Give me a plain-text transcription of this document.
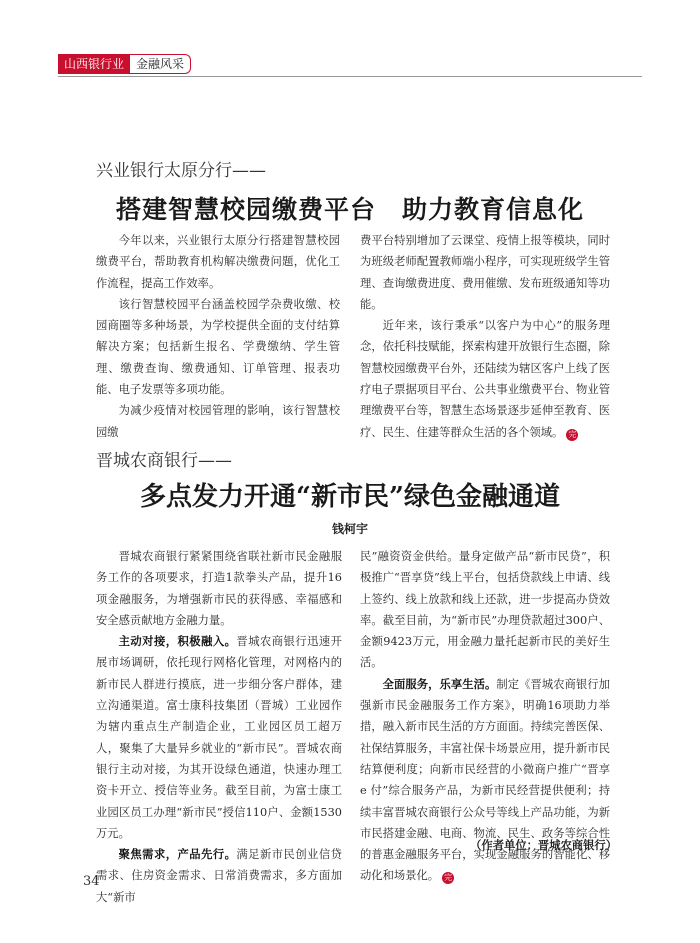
山西银行业	金融风采
兴业银行太原分行——
搭建智慧校园缴费平台　助力教育信息化

今年以来，兴业银行太原分行搭建智慧校园缴费平台，帮助教育机构解决缴费问题，优化工作流程，提高工作效率。

该行智慧校园平台涵盖校园学杂费收缴、校园商圈等多种场景，为学校提供全面的支付结算解决方案；包括新生报名、学费缴纳、学生管理、缴费查询、缴费通知、订单管理、报表功能、电子发票等多项功能。

为减少疫情对校园管理的影响，该行智慧校园缴

费平台特别增加了云课堂、疫情上报等模块，同时为班级老师配置教师端小程序，可实现班级学生管理、查询缴费进度、费用催缴、发布班级通知等功能。

近年来，该行秉承“以客户为中心”的服务理念，依托科技赋能，探索构建开放银行生态圈，除智慧校园缴费平台外，还陆续为辖区客户上线了医疗电子票据项目平台、公共事业缴费平台、物业管理缴费平台等，智慧生态场景逐步延伸至教育、医疗、民生、住建等群众生活的各个领域。 完

晋城农商银行——
多点发力开通“新市民”绿色金融通道
钱柯宇

晋城农商银行紧紧围绕省联社新市民金融服务工作的各项要求，打造1款拳头产品，提升16项金融服务，为增强新市民的获得感、幸福感和安全感贡献地方金融力量。

主动对接，积极融入。晋城农商银行迅速开展市场调研，依托现行网格化管理，对网格内的新市民人群进行摸底，进一步细分客户群体，建立沟通渠道。富士康科技集团（晋城）工业园作为辖内重点生产制造企业，工业园区员工超万人，聚集了大量异乡就业的“新市民”。晋城农商银行主动对接，为其开设绿色通道，快速办理工资卡开立、授信等业务。截至目前，为富士康工业园区员工办理“新市民”授信110户、金额1530万元。

聚焦需求，产品先行。满足新市民创业信贷需求、住房资金需求、日常消费需求，多方面加大“新市

民”融资资金供给。量身定做产品“新市民贷”，积极推广“晋享贷”线上平台，包括贷款线上申请、线上签约、线上放款和线上还款，进一步提高办贷效率。截至目前，为“新市民”办理贷款超过300户、金额9423万元，用金融力量托起新市民的美好生活。

全面服务，乐享生活。制定《晋城农商银行加强新市民金融服务工作方案》，明确16项助力举措，融入新市民生活的方方面面。持续完善医保、社保结算服务，丰富社保卡场景应用，提升新市民结算便利度；向新市民经营的小微商户推广“晋享 e 付”综合服务产品，为新市民经营提供便利；持续丰富晋城农商银行公众号等线上产品功能，为新市民搭建金融、电商、物流、民生、政务等综合性的普惠金融服务平台，实现金融服务的智能化、移动化和场景化。 完

（作者单位：晋城农商银行）
34
